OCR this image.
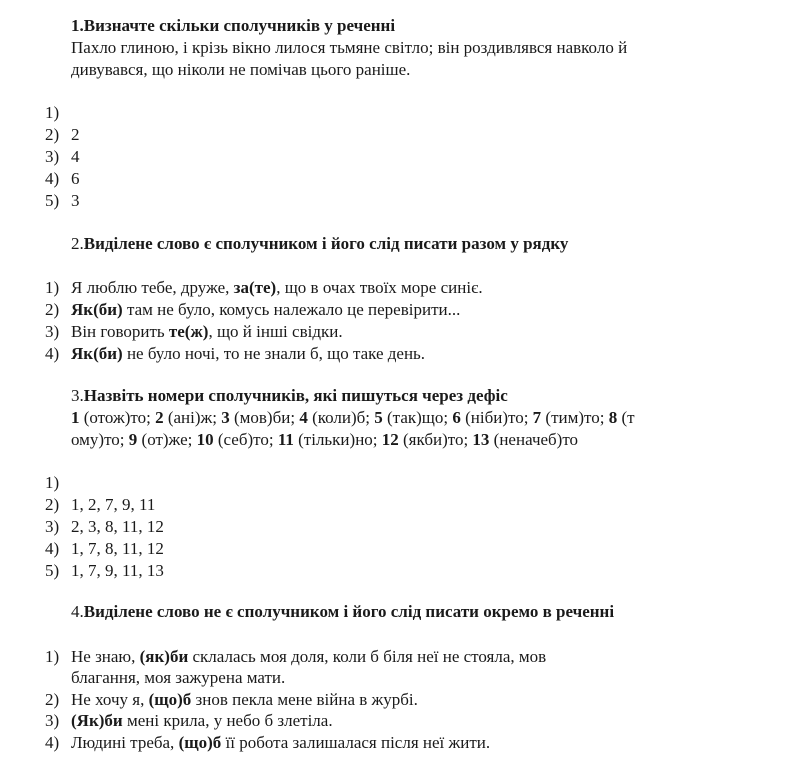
1.Визначте скільки сполучників у реченні
Пахло глиною, і крізь вікно лилося тьмяне світло; він роздивлявся навколо й
дивувався, що ніколи не помічав цього раніше.
1)
2) 2
3) 4
4) 6
5) 3
2.Виділене слово є сполучником і його слід писати разом у рядку
1) Я люблю тебе, друже, за(те), що в очах твоїх море синіє.
2) Як(би) там не було, комусь належало це перевірити...
3) Він говорить те(ж), що й інші свідки.
4) Як(би) не було ночі, то не знали б, що таке день.
3.Назвіть номери сполучників, які пишуться через дефіс
1 (отож)то; 2 (ані)ж; 3 (мов)би; 4 (коли)б; 5 (так)що; 6 (ніби)то; 7 (тим)то; 8 (т
ому)то; 9 (от)же; 10 (себ)то; 11 (тільки)но; 12 (якби)то; 13 (неначеб)то
1)
2) 1, 2, 7, 9, 11
3) 2, 3, 8, 11, 12
4) 1, 7, 8, 11, 12
5) 1, 7, 9, 11, 13
4.Виділене слово не є сполучником і його слід писати окремо в реченні
1) Не знаю, (як)би склалась моя доля, коли б біля неї не стояла, мов
благання, моя зажурена мати.
2) Не хочу я, (що)б знов пекла мене війна в журбі.
3) (Як)би мені крила, у небо б злетіла.
4) Людині треба, (що)б її робота залишалася після неї жити.
